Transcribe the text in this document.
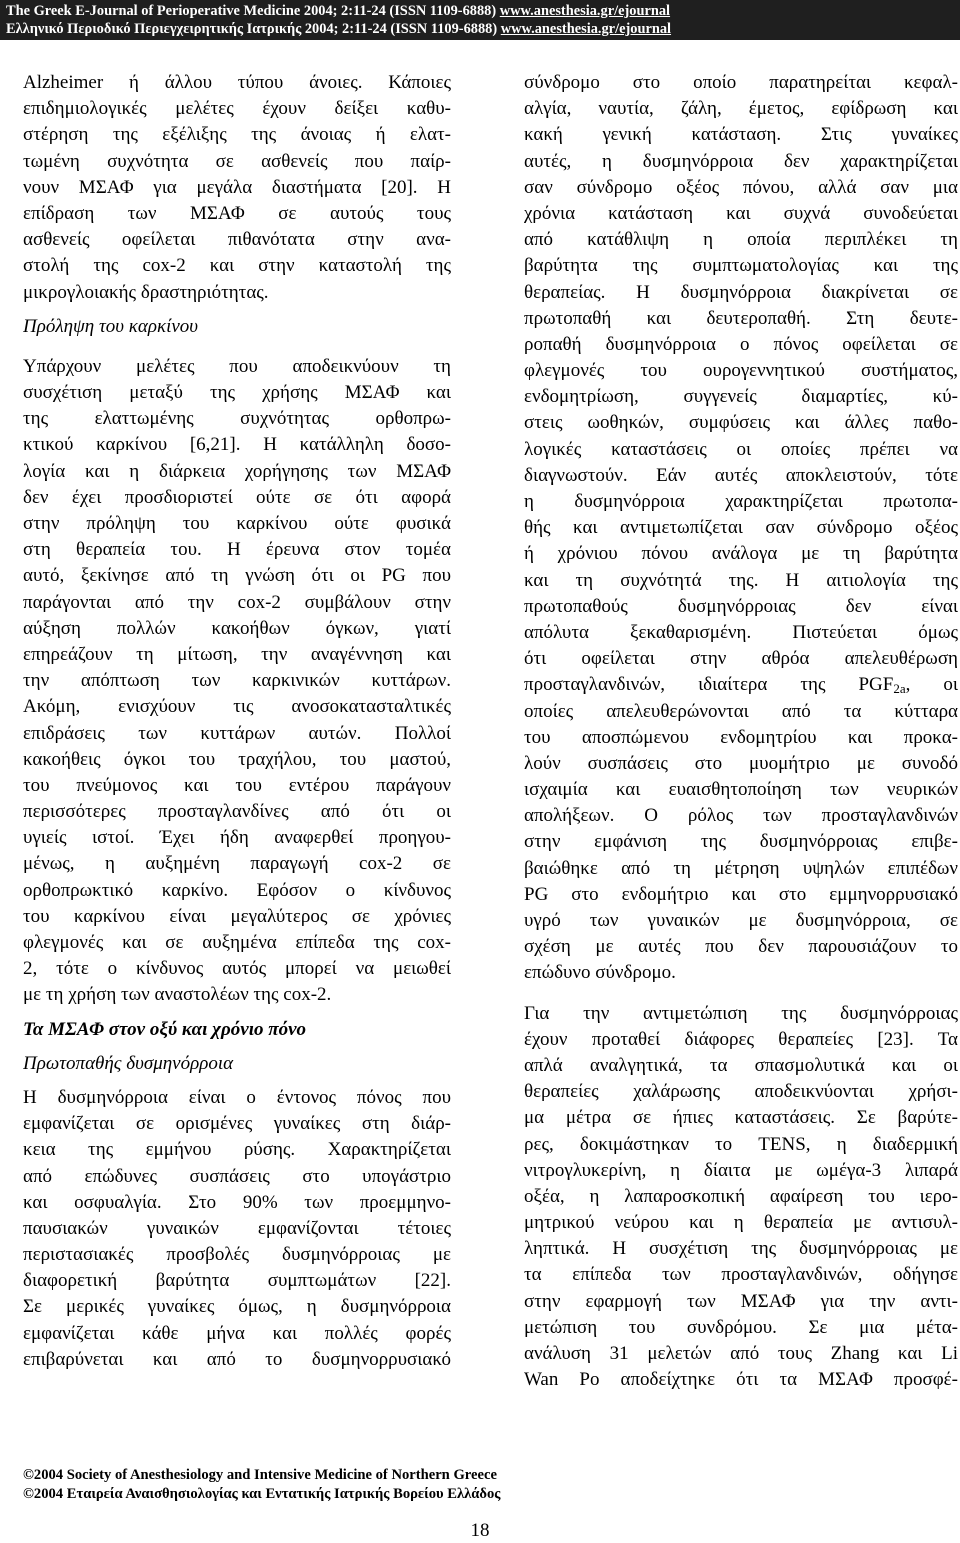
The Greek E-Journal of Perioperative Medicine 2004; 2:11-24 (ISSN 1109-6888) www.anesthesia.gr/ejournal
Ελληνικό Περιοδικό Περιεγχειρητικής Ιατρικής 2004; 2:11-24 (ISSN 1109-6888) www.anesthesia.gr/ejournal
Alzheimer ή άλλου τύπου άνοιες. Κάποιες
επιδημιολογικές μελέτες έχουν δείξει καθυ-
στέρηση της εξέλιξης της άνοιας ή ελατ-
τωμένη συχνότητα σε ασθενείς που παίρ-
νουν ΜΣΑΦ για μεγάλα διαστήματα [20]. Η
επίδραση των ΜΣΑΦ σε αυτούς τους
ασθενείς οφείλεται πιθανότατα στην ανα-
στολή της cox-2 και στην καταστολή της
μικρογλοιακής δραστηριότητας.
Πρόληψη του καρκίνου
Υπάρχουν μελέτες που αποδεικνύουν τη
συσχέτιση μεταξύ της χρήσης ΜΣΑΦ και
της ελαττωμένης συχνότητας ορθοπρω-
κτικού καρκίνου [6,21]. Η κατάλληλη δοσο-
λογία και η διάρκεια χορήγησης των ΜΣΑΦ
δεν έχει προσδιοριστεί ούτε σε ότι αφορά
στην πρόληψη του καρκίνου ούτε φυσικά
στη θεραπεία του. Η έρευνα στον τομέα
αυτό, ξεκίνησε από τη γνώση ότι οι PG που
παράγονται από την cox-2 συμβάλουν στην
αύξηση πολλών κακοήθων όγκων, γιατί
επηρεάζουν τη μίτωση, την αναγέννηση και
την απόπτωση των καρκινικών κυττάρων.
Ακόμη, ενισχύουν τις ανοσοκατασταλτικές
επιδράσεις των κυττάρων αυτών. Πολλοί
κακοήθεις όγκοι του τραχήλου, του μαστού,
του πνεύμονος και του εντέρου παράγουν
περισσότερες προσταγλανδίνες από ότι οι
υγιείς ιστοί. Έχει ήδη αναφερθεί προηγου-
μένως, η αυξημένη παραγωγή cox-2 σε
ορθοπρωκτικό καρκίνο. Εφόσον ο κίνδυνος
του καρκίνου είναι μεγαλύτερος σε χρόνιες
φλεγμονές και σε αυξημένα επίπεδα της cox-
2, τότε ο κίνδυνος αυτός μπορεί να μειωθεί
με τη χρήση των αναστολέων της cox-2.
Τα ΜΣΑΦ στον οξύ και χρόνιο πόνο
Πρωτοπαθής δυσμηνόρροια
Η δυσμηνόρροια είναι ο έντονος πόνος που
εμφανίζεται σε ορισμένες γυναίκες στη διάρ-
κεια της εμμήνου ρύσης. Χαρακτηρίζεται
από επώδυνες συσπάσεις στο υπογάστριο
και οσφυαλγία. Στο 90% των προεμμηνο-
παυσιακών γυναικών εμφανίζονται τέτοιες
περιστασιακές προσβολές δυσμηνόρροιας με
διαφορετική βαρύτητα συμπτωμάτων [22].
Σε μερικές γυναίκες όμως, η δυσμηνόρροια
εμφανίζεται κάθε μήνα και πολλές φορές
επιβαρύνεται και από το δυσμηνορρυσιακό
σύνδρομο στο οποίο παρατηρείται κεφαλ-
αλγία, ναυτία, ζάλη, έμετος, εφίδρωση και
κακή γενική κατάσταση. Στις γυναίκες
αυτές, η δυσμηνόρροια δεν χαρακτηρίζεται
σαν σύνδρομο οξέος πόνου, αλλά σαν μια
χρόνια κατάσταση και συχνά συνοδεύεται
από κατάθλιψη η οποία περιπλέκει τη
βαρύτητα της συμπτωματολογίας και της
θεραπείας. Η δυσμηνόρροια διακρίνεται σε
πρωτοπαθή και δευτεροπαθή. Στη δευτε-
ροπαθή δυσμηνόρροια ο πόνος οφείλεται σε
φλεγμονές του ουρογεννητικού συστήματος,
ενδομητρίωση, συγγενείς διαμαρτίες, κύ-
στεις ωοθηκών, συμφύσεις και άλλες παθο-
λογικές καταστάσεις οι οποίες πρέπει να
διαγνωστούν. Εάν αυτές αποκλειστούν, τότε
η δυσμηνόρροια χαρακτηρίζεται πρωτοπα-
θής και αντιμετωπίζεται σαν σύνδρομο οξέος
ή χρόνιου πόνου ανάλογα με τη βαρύτητα
και τη συχνότητά της. Η αιτιολογία της
πρωτοπαθούς δυσμηνόρροιας δεν είναι
απόλυτα ξεκαθαρισμένη. Πιστεύεται όμως
ότι οφείλεται στην αθρόα απελευθέρωση
προσταγλανδινών, ιδιαίτερα της $PGF_{2a}$, οι
οποίες απελευθερώνονται από τα κύτταρα
του αποσπώμενου ενδομητρίου και προκα-
λούν συσπάσεις στο μυομήτριο με συνοδό
ισχαιμία και ευαισθητοποίηση των νευρικών
απολήξεων. Ο ρόλος των προσταγλανδινών
στην εμφάνιση της δυσμηνόρροιας επιβε-
βαιώθηκε από τη μέτρηση υψηλών επιπέδων
PG στο ενδομήτριο και στο εμμηνορρυσιακό
υγρό των γυναικών με δυσμηνόρροια, σε
σχέση με αυτές που δεν παρουσιάζουν το
επώδυνο σύνδρομο.
Για την αντιμετώπιση της δυσμηνόρροιας
έχουν προταθεί διάφορες θεραπείες [23]. Τα
απλά αναλγητικά, τα σπασμολυτικά και οι
θεραπείες χαλάρωσης αποδεικνύονται χρήσι-
μα μέτρα σε ήπιες καταστάσεις. Σε βαρύτε-
ρες, δοκιμάστηκαν το TENS, η διαδερμική
νιτρογλυκερίνη, η δίαιτα με ωμέγα-3 λιπαρά
οξέα, η λαπαροσκοπική αφαίρεση του ιερο-
μητρικού νεύρου και η θεραπεία με αντισυλ-
ληπτικά. Η συσχέτιση της δυσμηνόρροιας με
τα επίπεδα των προσταγλανδινών, οδήγησε
στην εφαρμογή των ΜΣΑΦ για την αντι-
μετώπιση του συνδρόμου. Σε μια μέτα-
ανάλυση 31 μελετών από τους Zhang και Li
Wan Po αποδείχτηκε ότι τα ΜΣΑΦ προσφέ-
©2004 Society of Anesthesiology and Intensive Medicine of Northern Greece
©2004 Εταιρεία Αναισθησιολογίας και Εντατικής Ιατρικής Βορείου Ελλάδος
18
